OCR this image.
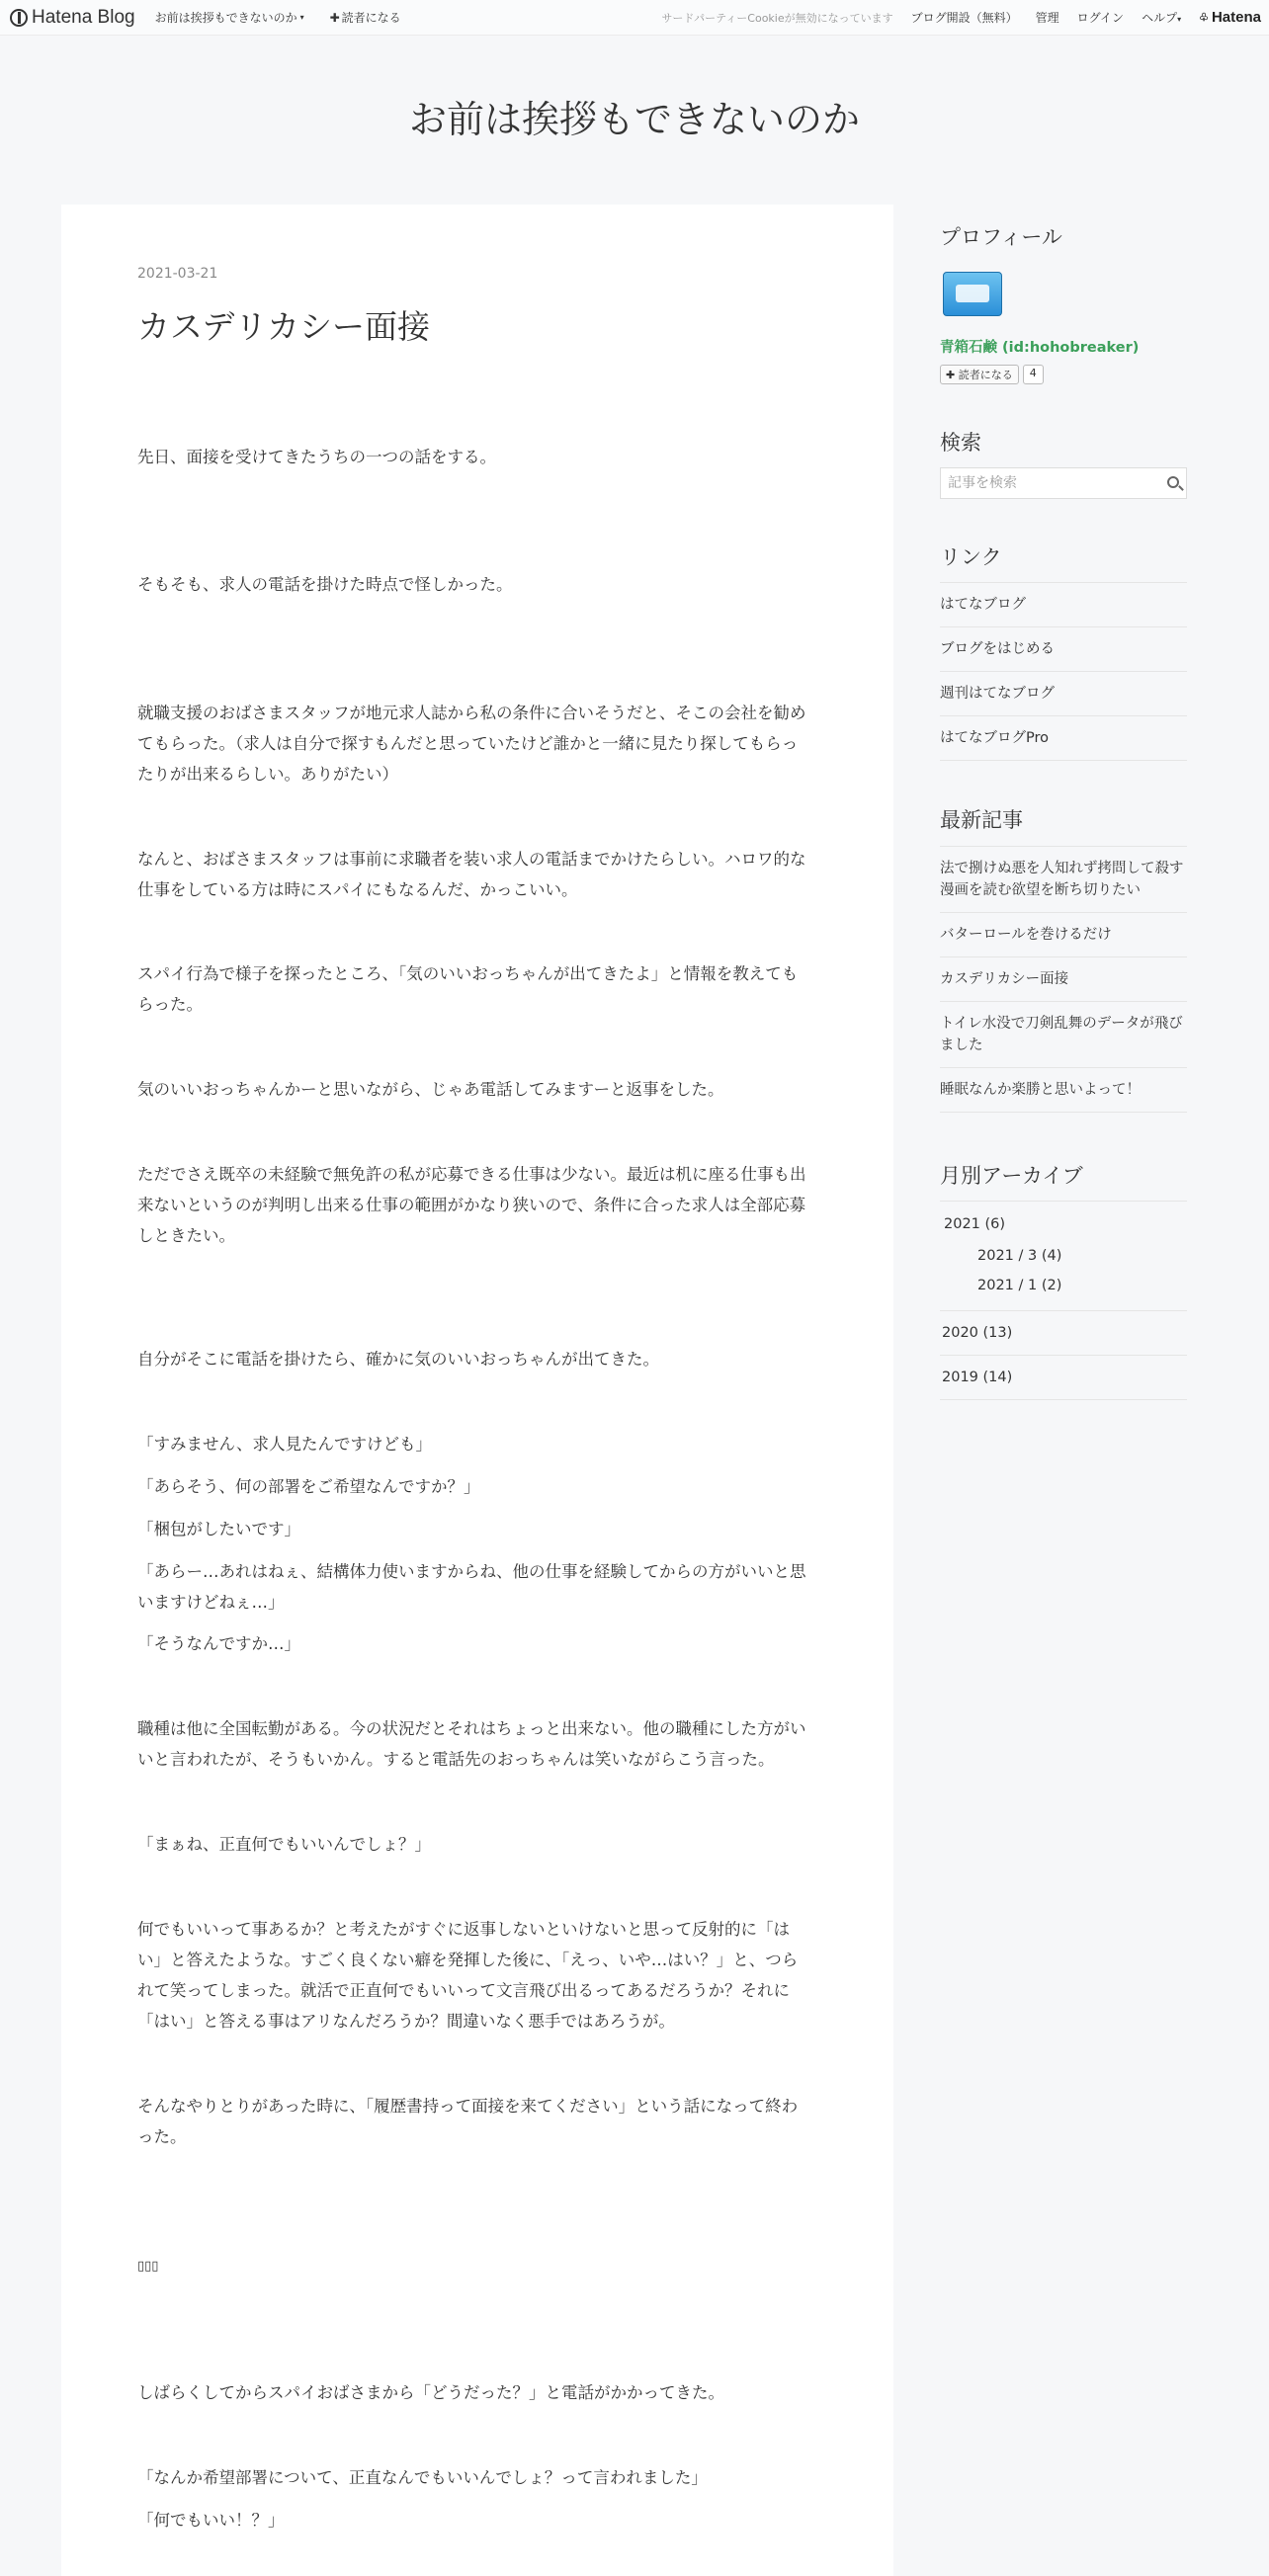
Hatena Blog お前は挨拶もできないのか ▾ ✚ 読者になる	サードパーティーCookieが無効になっています ブログ開設（無料） 管理 ログイン ヘルプ▾ ♧ Hatena
お前は挨拶もできないのか
2021-03-21
カスデリカシー面接

先日、面接を受けてきたうちの一つの話をする。

そもそも、求人の電話を掛けた時点で怪しかった。

就職支援のおばさまスタッフが地元求人誌から私の条件に合いそうだと、そこの会社を勧めてもらった。（求人は自分で探すもんだと思っていたけど誰かと一緒に見たり探してもらったりが出来るらしい。ありがたい）

なんと、おばさまスタッフは事前に求職者を装い求人の電話までかけたらしい。ハロワ的な仕事をしている方は時にスパイにもなるんだ、かっこいい。

スパイ行為で様子を探ったところ、「気のいいおっちゃんが出てきたよ」と情報を教えてもらった。

気のいいおっちゃんかーと思いながら、じゃあ電話してみますーと返事をした。

ただでさえ既卒の未経験で無免許の私が応募できる仕事は少ない。最近は机に座る仕事も出来ないというのが判明し出来る仕事の範囲がかなり狭いので、条件に合った求人は全部応募しときたい。

自分がそこに電話を掛けたら、確かに気のいいおっちゃんが出てきた。

「すみません、求人見たんですけども」

「あらそう、何の部署をご希望なんですか？」

「梱包がしたいです」

「あらー…あれはねぇ、結構体力使いますからね、他の仕事を経験してからの方がいいと思いますけどねぇ…」

「そうなんですか…」

職種は他に全国転勤がある。今の状況だとそれはちょっと出来ない。他の職種にした方がいいと言われたが、そうもいかん。すると電話先のおっちゃんは笑いながらこう言った。

「まぁね、正直何でもいいんでしょ？」

何でもいいって事あるか？と考えたがすぐに返事しないといけないと思って反射的に「はい」と答えたような。すごく良くない癖を発揮した後に、「えっ、いや…はい？」と、つられて笑ってしまった。就活で正直何でもいいって文言飛び出るってあるだろうか？それに「はい」と答える事はアリなんだろうか？間違いなく悪手ではあろうが。

そんなやりとりがあった時に、「履歴書持って面接を来てください」という話になって終わった。

▯▯▯

しばらくしてからスパイおばさまから「どうだった？」と電話がかかってきた。

「なんか希望部署について、正直なんでもいいんでしょ？って言われました」

「何でもいい！？」

プロフィール
青箱石鹸 (id:hohobreaker)
✚ 読者になる	4
検索
記事を検索
リンク
はてなブログ
ブログをはじめる
週刊はてなブログ
はてなブログPro
最新記事
法で捌けぬ悪を人知れず拷問して殺す漫画を読む欲望を断ち切りたい
バターロールを巻けるだけ
カスデリカシー面接
トイレ水没で刀剣乱舞のデータが飛びました
睡眠なんか楽勝と思いよって！
月別アーカイブ
2021 (6)
2021 / 3 (4)
2021 / 1 (2)
2020 (13)
2019 (14)
